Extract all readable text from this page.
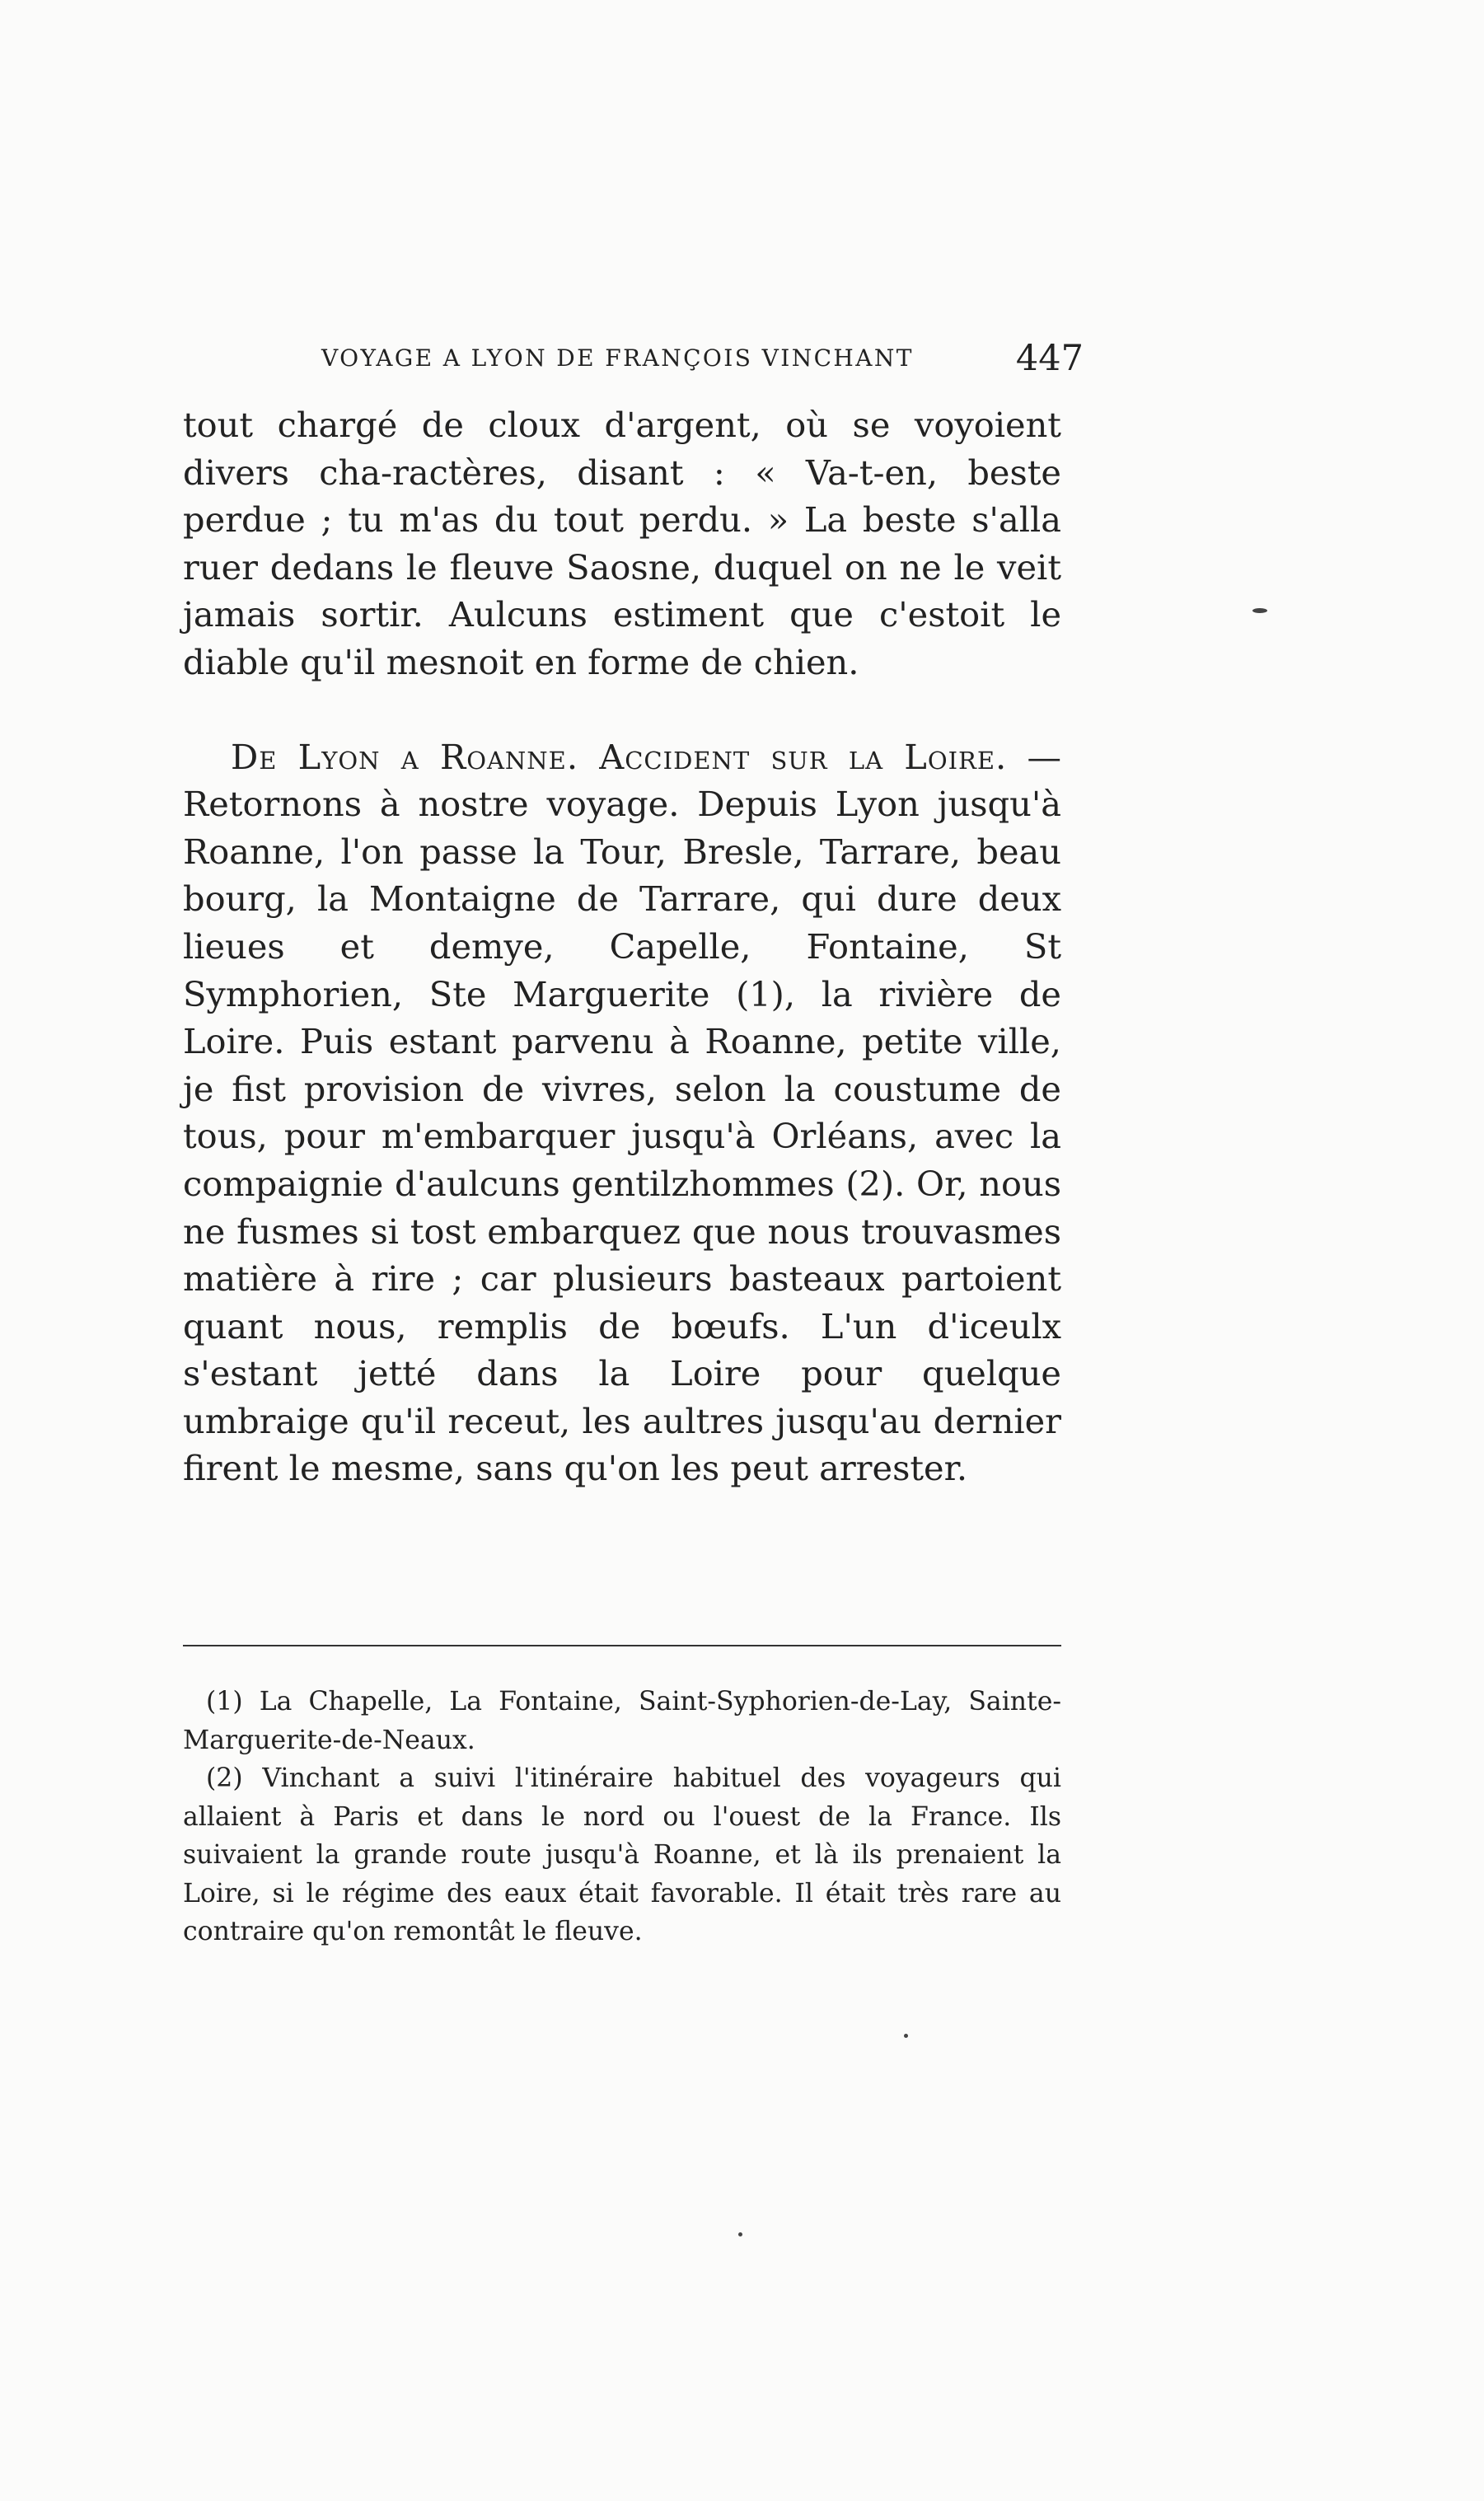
VOYAGE A LYON DE FRANÇOIS VINCHANT	447

tout chargé de cloux d'argent, où se voyoient divers cha-ractères, disant : « Va-t-en, beste perdue ; tu m'as du tout perdu. » La beste s'alla ruer dedans le fleuve Saosne, duquel on ne le veit jamais sortir. Aulcuns estiment que c'estoit le diable qu'il mesnoit en forme de chien.

De Lyon a Roanne. Accident sur la Loire. — Retornons à nostre voyage. Depuis Lyon jusqu'à Roanne, l'on passe la Tour, Bresle, Tarrare, beau bourg, la Montaigne de Tarrare, qui dure deux lieues et demye, Capelle, Fontaine, St Symphorien, Ste Marguerite (1), la rivière de Loire. Puis estant parvenu à Roanne, petite ville, je fist provision de vivres, selon la coustume de tous, pour m'embarquer jusqu'à Orléans, avec la compaignie d'aulcuns gentilzhommes (2). Or, nous ne fusmes si tost embarquez que nous trouvasmes matière à rire ; car plusieurs basteaux partoient quant nous, remplis de bœufs. L'un d'iceulx s'estant jetté dans la Loire pour quelque umbraige qu'il receut, les aultres jusqu'au dernier firent le mesme, sans qu'on les peut arrester.

(1) La Chapelle, La Fontaine, Saint-Syphorien-de-Lay, Sainte-Marguerite-de-Neaux.

(2) Vinchant a suivi l'itinéraire habituel des voyageurs qui allaient à Paris et dans le nord ou l'ouest de la France. Ils suivaient la grande route jusqu'à Roanne, et là ils prenaient la Loire, si le régime des eaux était favorable. Il était très rare au contraire qu'on remontât le fleuve.
